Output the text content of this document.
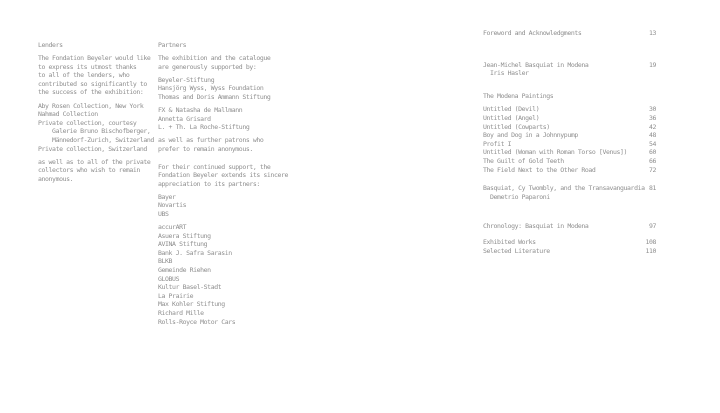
Lenders
The Fondation Beyeler would like
to express its utmost thanks
to all of the lenders, who
contributed so significantly to
the success of the exhibition:
Aby Rosen Collection, New York
Nahmad Collection
Private collection, courtesy
Galerie Bruno Bischofberger,
Männedorf-Zurich, Switzerland
Private collection, Switzerland
as well as to all of the private
collectors who wish to remain
anonymous.
Partners
The exhibition and the catalogue
are generously supported by:
Beyeler-Stiftung
Hansjörg Wyss, Wyss Foundation
Thomas and Doris Ammann Stiftung
FX & Natasha de Mallmann
Annetta Grisard
L. + Th. La Roche-Stiftung
as well as further patrons who
prefer to remain anonymous.
For their continued support, the
Fondation Beyeler extends its sincere
appreciation to its partners:
Bayer
Novartis
UBS
accurART
Asuera Stiftung
AVINA Stiftung
Bank J. Safra Sarasin
BLKB
Gemeinde Riehen
GLOBUS
Kultur Basel-Stadt
La Prairie
Max Kohler Stiftung
Richard Mille
Rolls-Royce Motor Cars
Foreword and Acknowledgments	13
Jean-Michel Basquiat in Modena	19
Iris Hasler
The Modena Paintings
Untitled (Devil)	30
Untitled (Angel)	36
Untitled (Cowparts)	42
Boy and Dog in a Johnnypump	48
Profit I	54
Untitled (Woman with Roman Torso [Venus])	60
The Guilt of Gold Teeth	66
The Field Next to the Other Road	72
Basquiat, Cy Twombly, and the Transavanguardia 81
Demetrio Paparoni
Chronology: Basquiat in Modena	97
Exhibited Works	108
Selected Literature	110
